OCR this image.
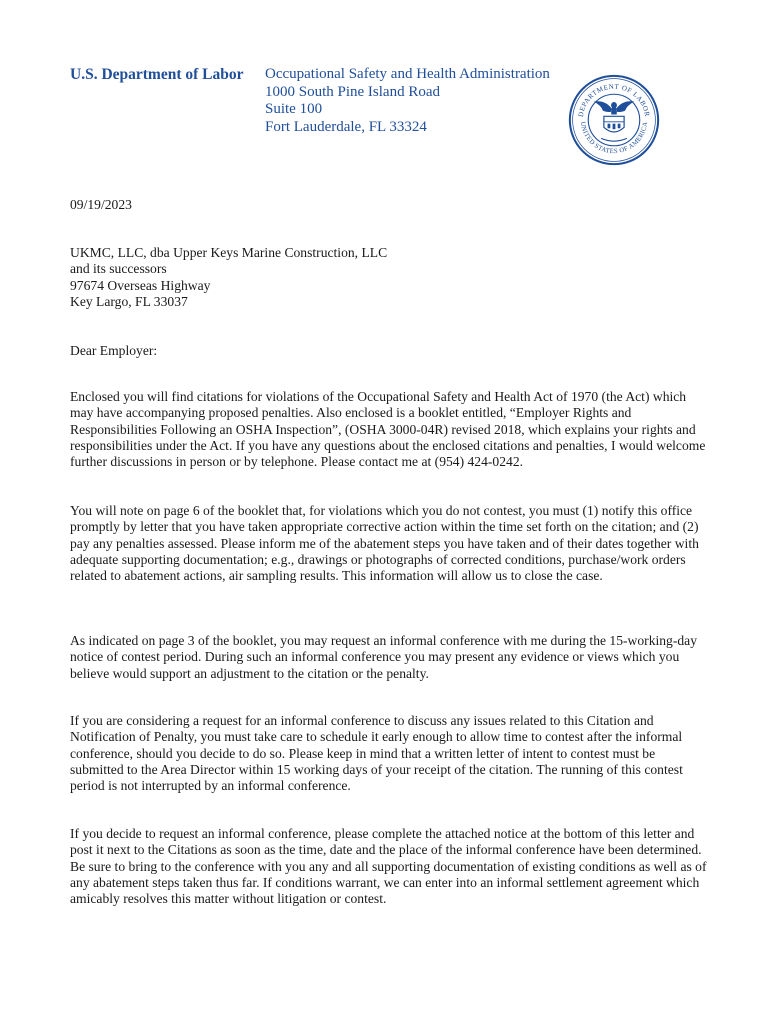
U.S. Department of Labor Occupational Safety and Health Administration
1000 South Pine Island Road
Suite 100
Fort Lauderdale, FL 33324
DEPARTMENT OF LABOR
UNITED STATES OF AMERICA
09/19/2023
UKMC, LLC, dba Upper Keys Marine Construction, LLC
and its successors
97674 Overseas Highway
Key Largo, FL 33037
Dear Employer:
Enclosed you will find citations for violations of the Occupational Safety and Health Act of 1970 (the Act) which may have accompanying proposed penalties. Also enclosed is a booklet entitled, “Employer Rights and Responsibilities Following an OSHA Inspection”, (OSHA 3000-04R) revised 2018, which explains your rights and responsibilities under the Act. If you have any questions about the enclosed citations and penalties, I would welcome further discussions in person or by telephone. Please contact me at (954) 424-0242.
You will note on page 6 of the booklet that, for violations which you do not contest, you must (1) notify this office promptly by letter that you have taken appropriate corrective action within the time set forth on the citation; and (2) pay any penalties assessed. Please inform me of the abatement steps you have taken and of their dates together with adequate supporting documentation; e.g., drawings or photographs of corrected conditions, purchase/work orders related to abatement actions, air sampling results. This information will allow us to close the case.
As indicated on page 3 of the booklet, you may request an informal conference with me during the 15-working-day notice of contest period. During such an informal conference you may present any evidence or views which you believe would support an adjustment to the citation or the penalty.
If you are considering a request for an informal conference to discuss any issues related to this Citation and Notification of Penalty, you must take care to schedule it early enough to allow time to contest after the informal conference, should you decide to do so. Please keep in mind that a written letter of intent to contest must be submitted to the Area Director within 15 working days of your receipt of the citation. The running of this contest period is not interrupted by an informal conference.
If you decide to request an informal conference, please complete the attached notice at the bottom of this letter and post it next to the Citations as soon as the time, date and the place of the informal conference have been determined. Be sure to bring to the conference with you any and all supporting documentation of existing conditions as well as of any abatement steps taken thus far. If conditions warrant, we can enter into an informal settlement agreement which amicably resolves this matter without litigation or contest.
